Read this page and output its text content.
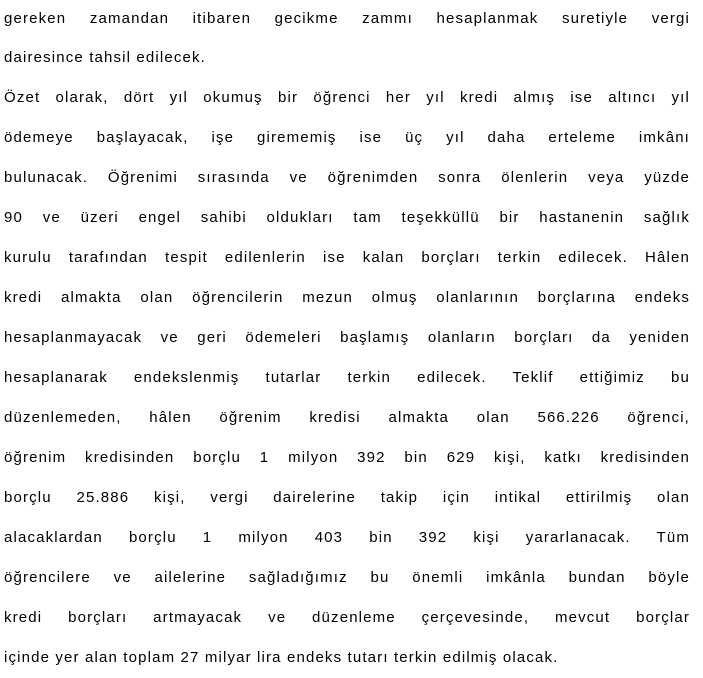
gereken zamandan itibaren gecikme zammı hesaplanmak suretiyle vergi
dairesince tahsil edilecek.
Özet olarak, dört yıl okumuş bir öğrenci her yıl kredi almış ise altıncı yıl
ödemeye başlayacak, işe girememiş ise üç yıl daha erteleme imkânı
bulunacak. Öğrenimi sırasında ve öğrenimden sonra ölenlerin veya yüzde
90 ve üzeri engel sahibi oldukları tam teşekküllü bir hastanenin sağlık
kurulu tarafından tespit edilenlerin ise kalan borçları terkin edilecek. Hâlen
kredi almakta olan öğrencilerin mezun olmuş olanlarının borçlarına endeks
hesaplanmayacak ve geri ödemeleri başlamış olanların borçları da yeniden
hesaplanarak endekslenmiş tutarlar terkin edilecek. Teklif ettiğimiz bu
düzenlemeden, hâlen öğrenim kredisi almakta olan 566.226 öğrenci,
öğrenim kredisinden borçlu 1 milyon 392 bin 629 kişi, katkı kredisinden
borçlu 25.886 kişi, vergi dairelerine takip için intikal ettirilmiş olan
alacaklardan borçlu 1 milyon 403 bin 392 kişi yararlanacak. Tüm
öğrencilere ve ailelerine sağladığımız bu önemli imkânla bundan böyle
kredi borçları artmayacak ve düzenleme çerçevesinde, mevcut borçlar
içinde yer alan toplam 27 milyar lira endeks tutarı terkin edilmiş olacak.
